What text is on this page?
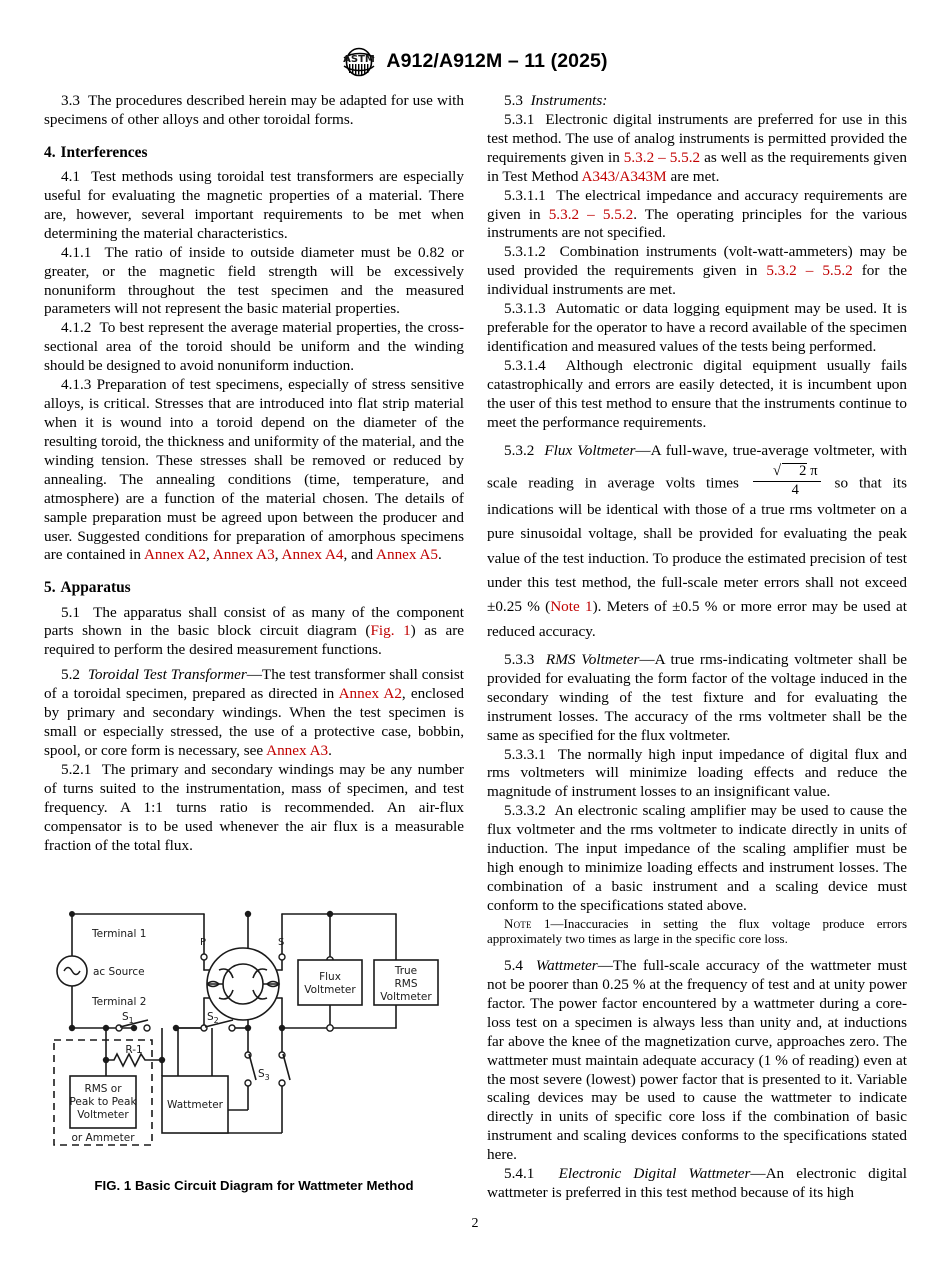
ASTM A912/A912M – 11 (2025)

3.3 The procedures described herein may be adapted for use with specimens of other alloys and other toroidal forms.

4. Interferences

4.1 Test methods using toroidal test transformers are especially useful for evaluating the magnetic properties of a material. There are, however, several important requirements to be met when determining the material characteristics.

4.1.1 The ratio of inside to outside diameter must be 0.82 or greater, or the magnetic field strength will be excessively nonuniform throughout the test specimen and the measured parameters will not represent the basic material properties.

4.1.2 To best represent the average material properties, the cross-sectional area of the toroid should be uniform and the winding should be designed to avoid nonuniform induction.

4.1.3 Preparation of test specimens, especially of stress sensitive alloys, is critical. Stresses that are introduced into flat strip material when it is wound into a toroid depend on the diameter of the resulting toroid, the thickness and uniformity of the material, and the winding tension. These stresses shall be removed or reduced by annealing. The annealing conditions (time, temperature, and atmosphere) are a function of the material chosen. The details of sample preparation must be agreed upon between the producer and user. Suggested conditions for preparation of amorphous specimens are contained in Annex A2, Annex A3, Annex A4, and Annex A5.

5. Apparatus

5.1 The apparatus shall consist of as many of the component parts shown in the basic block circuit diagram (Fig. 1) as are required to perform the desired measurement functions.

5.2 Toroidal Test Transformer—The test transformer shall consist of a toroidal specimen, prepared as directed in Annex A2, enclosed by primary and secondary windings. When the test specimen is small or especially stressed, the use of a protective case, bobbin, spool, or core form is necessary, see Annex A3.

5.2.1 The primary and secondary windings may be any number of turns suited to the instrumentation, mass of specimen, and test frequency. A 1:1 turns ratio is recommended. An air-flux compensator is to be used whenever the air flux is a measurable fraction of the total flux.

5.3 Instruments:

5.3.1 Electronic digital instruments are preferred for use in this test method. The use of analog instruments is permitted provided the requirements given in 5.3.2 – 5.5.2 as well as the requirements given in Test Method A343/A343M are met.

5.3.1.1 The electrical impedance and accuracy requirements are given in 5.3.2 – 5.5.2. The operating principles for the various instruments are not specified.

5.3.1.2 Combination instruments (volt-watt-ammeters) may be used provided the requirements given in 5.3.2 – 5.5.2 for the individual instruments are met.

5.3.1.3 Automatic or data logging equipment may be used. It is preferable for the operator to have a record available of the specimen identification and measured values of the tests being performed.

5.3.1.4 Although electronic digital equipment usually fails catastrophically and errors are easily detected, it is incumbent upon the user of this test method to ensure that the instruments continue to meet the performance requirements.

5.3.2 Flux Voltmeter—A full-wave, true-average voltmeter, with scale reading in average volts times $\frac{√ 2 \pi}{4}$ so that its indications will be identical with those of a true rms voltmeter on a pure sinusoidal voltage, shall be provided for evaluating the peak value of the test induction. To produce the estimated precision of test under this test method, the full-scale meter errors shall not exceed ±0.25 % (Note 1). Meters of ±0.5 % or more error may be used at reduced accuracy.

5.3.3 RMS Voltmeter—A true rms-indicating voltmeter shall be provided for evaluating the form factor of the voltage induced in the secondary winding of the test fixture and for evaluating the instrument losses. The accuracy of the rms voltmeter shall be the same as specified for the flux voltmeter.

5.3.3.1 The normally high input impedance of digital flux and rms voltmeters will minimize loading effects and reduce the magnitude of instrument losses to an insignificant value.

5.3.3.2 An electronic scaling amplifier may be used to cause the flux voltmeter and the rms voltmeter to indicate directly in units of induction. The input impedance of the scaling amplifier must be high enough to minimize loading effects and instrument losses. The combination of a basic instrument and a scaling device must conform to the specifications stated above.

Note 1—Inaccuracies in setting the flux voltage produce errors approximately two times as large in the specific core loss.

5.4 Wattmeter—The full-scale accuracy of the wattmeter must not be poorer than 0.25 % at the frequency of test and at unity power factor. The power factor encountered by a wattmeter during a core-loss test on a specimen is always less than unity and, at inductions far above the knee of the magnetization curve, approaches zero. The wattmeter must maintain adequate accuracy (1 % of reading) even at the most severe (lowest) power factor that is presented to it. Variable scaling devices may be used to cause the wattmeter to indicate directly in units of specific core loss if the combination of basic instrument and scaling devices conforms to the specifications stated here.

5.4.1 Electronic Digital Wattmeter—An electronic digital wattmeter is preferred in this test method because of its high

Terminal 1
Terminal 2
ac Source
P	S
$S_1$	$S_2$
$S_3$
R-1
Flux
Voltmeter
True
RMS
Voltmeter
RMS or
Peak to Peak
Voltmeter
or Ammeter
Wattmeter
FIG. 1 Basic Circuit Diagram for Wattmeter Method
2
